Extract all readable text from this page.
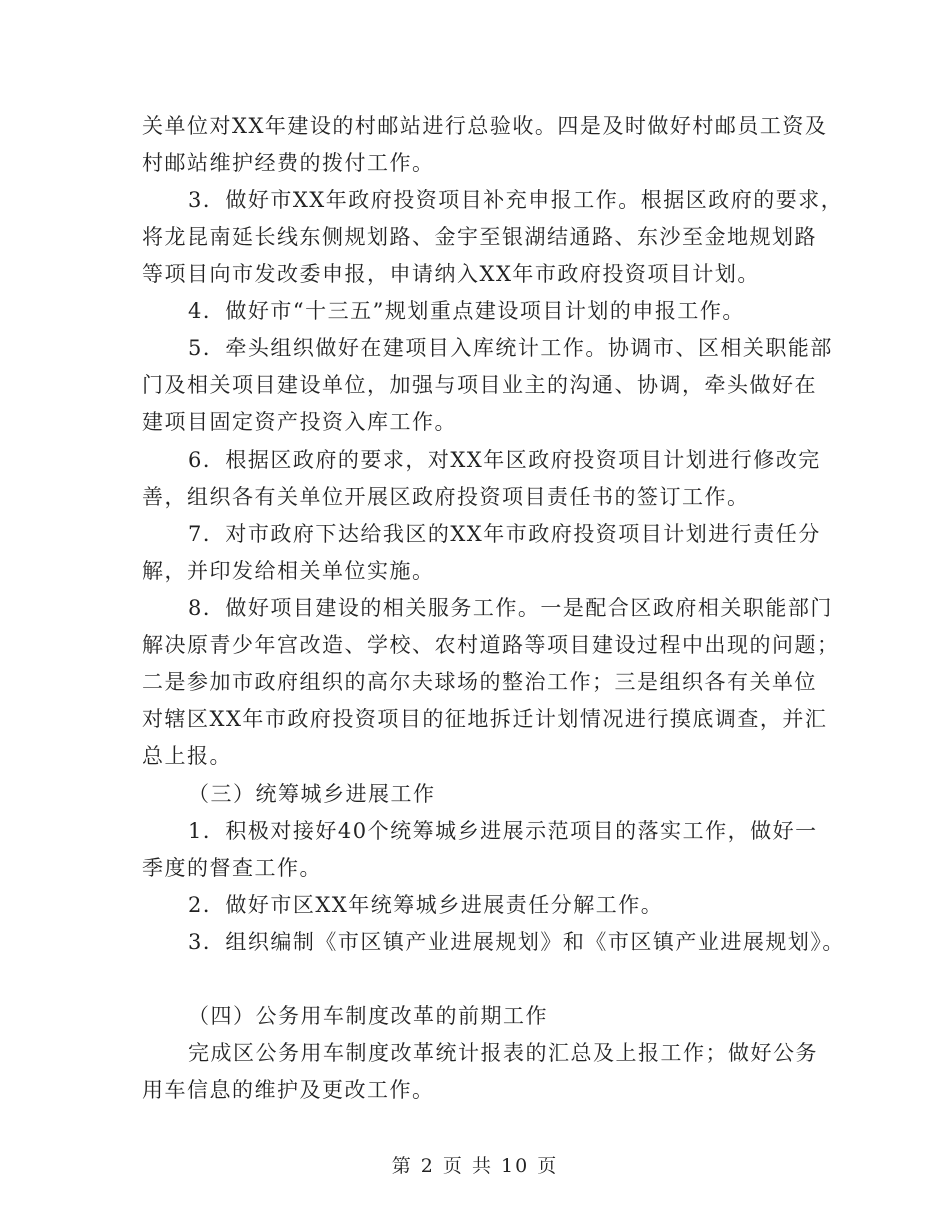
关单位对XX年建设的村邮站进行总验收。四是及时做好村邮员工资及
村邮站维护经费的拨付工作。
3．做好市XX年政府投资项目补充申报工作。根据区政府的要求，
将龙昆南延长线东侧规划路、金宇至银湖结通路、东沙至金地规划路
等项目向市发改委申报，申请纳入XX年市政府投资项目计划。
4．做好市“十三五”规划重点建设项目计划的申报工作。
5．牵头组织做好在建项目入库统计工作。协调市、区相关职能部
门及相关项目建设单位，加强与项目业主的沟通、协调，牵头做好在
建项目固定资产投资入库工作。
6．根据区政府的要求，对XX年区政府投资项目计划进行修改完
善，组织各有关单位开展区政府投资项目责任书的签订工作。
7．对市政府下达给我区的XX年市政府投资项目计划进行责任分
解，并印发给相关单位实施。
8．做好项目建设的相关服务工作。一是配合区政府相关职能部门
解决原青少年宫改造、学校、农村道路等项目建设过程中出现的问题；
二是参加市政府组织的高尔夫球场的整治工作；三是组织各有关单位
对辖区XX年市政府投资项目的征地拆迁计划情况进行摸底调查，并汇
总上报。
（三）统筹城乡进展工作
1．积极对接好40个统筹城乡进展示范项目的落实工作，做好一
季度的督查工作。
2．做好市区XX年统筹城乡进展责任分解工作。
3．组织编制《市区镇产业进展规划》和《市区镇产业进展规划》。
（四）公务用车制度改革的前期工作
完成区公务用车制度改革统计报表的汇总及上报工作；做好公务
用车信息的维护及更改工作。
第 2 页 共 10 页
